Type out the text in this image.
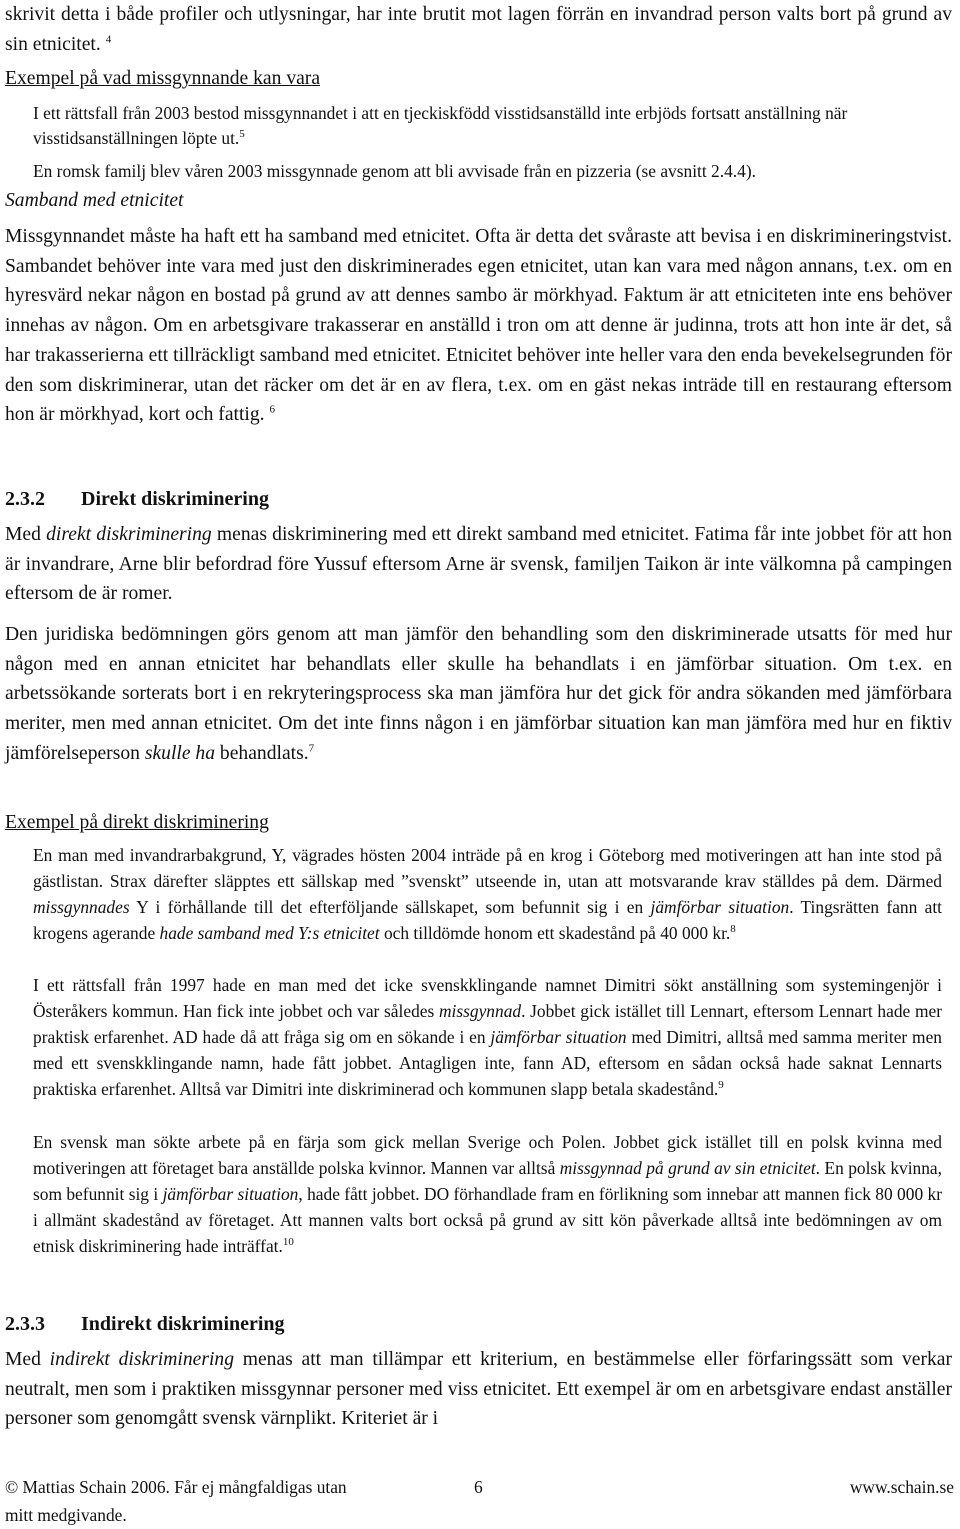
skrivit detta i både profiler och utlysningar, har inte brutit mot lagen förrän en invandrad person valts bort på grund av sin etnicitet. $^4$

Exempel på vad missgynnande kan vara

I ett rättsfall från 2003 bestod missgynnandet i att en tjeckiskfödd visstidsanställd inte erbjöds fortsatt anställning när visstidsanställningen löpte ut.$^5$

En romsk familj blev våren 2003 missgynnade genom att bli avvisade från en pizzeria (se avsnitt 2.4.4).

Samband med etnicitet

Missgynnandet måste ha haft ett ha samband med etnicitet. Ofta är detta det svåraste att bevisa i en diskrimineringstvist. Sambandet behöver inte vara med just den diskriminerades egen etnicitet, utan kan vara med någon annans, t.ex. om en hyresvärd nekar någon en bostad på grund av att dennes sambo är mörkhyad. Faktum är att etniciteten inte ens behöver innehas av någon. Om en arbetsgivare trakasserar en anställd i tron om att denne är judinna, trots att hon inte är det, så har trakasserierna ett tillräckligt samband med etnicitet. Etnicitet behöver inte heller vara den enda bevekelsegrunden för den som diskriminerar, utan det räcker om det är en av flera, t.ex. om en gäst nekas inträde till en restaurang eftersom hon är mörkhyad, kort och fattig. $^6$

2.3.2 Direkt diskriminering

Med direkt diskriminering menas diskriminering med ett direkt samband med etnicitet. Fatima får inte jobbet för att hon är invandrare, Arne blir befordrad före Yussuf eftersom Arne är svensk, familjen Taikon är inte välkomna på campingen eftersom de är romer.

Den juridiska bedömningen görs genom att man jämför den behandling som den diskriminerade utsatts för med hur någon med en annan etnicitet har behandlats eller skulle ha behandlats i en jämförbar situation. Om t.ex. en arbetssökande sorterats bort i en rekryteringsprocess ska man jämföra hur det gick för andra sökanden med jämförbara meriter, men med annan etnicitet. Om det inte finns någon i en jämförbar situation kan man jämföra med hur en fiktiv jämförelseperson skulle ha behandlats.$^7$

Exempel på direkt diskriminering

En man med invandrarbakgrund, Y, vägrades hösten 2004 inträde på en krog i Göteborg med motiveringen att han inte stod på gästlistan. Strax därefter släpptes ett sällskap med ”svenskt” utseende in, utan att motsvarande krav ställdes på dem. Därmed missgynnades Y i förhållande till det efterföljande sällskapet, som befunnit sig i en jämförbar situation. Tingsrätten fann att krogens agerande hade samband med Y:s etnicitet och tilldömde honom ett skadestånd på 40 000 kr.$^8$

I ett rättsfall från 1997 hade en man med det icke svenskklingande namnet Dimitri sökt anställning som systemingenjör i Österåkers kommun. Han fick inte jobbet och var således missgynnad. Jobbet gick istället till Lennart, eftersom Lennart hade mer praktisk erfarenhet. AD hade då att fråga sig om en sökande i en jämförbar situation med Dimitri, alltså med samma meriter men med ett svenskklingande namn, hade fått jobbet. Antagligen inte, fann AD, eftersom en sådan också hade saknat Lennarts praktiska erfarenhet. Alltså var Dimitri inte diskriminerad och kommunen slapp betala skadestånd.$^9$

En svensk man sökte arbete på en färja som gick mellan Sverige och Polen. Jobbet gick istället till en polsk kvinna med motiveringen att företaget bara anställde polska kvinnor. Mannen var alltså missgynnad på grund av sin etnicitet. En polsk kvinna, som befunnit sig i jämförbar situation, hade fått jobbet. DO förhandlade fram en förlikning som innebar att mannen fick 80 000 kr i allmänt skadestånd av företaget. Att mannen valts bort också på grund av sitt kön påverkade alltså inte bedömningen av om etnisk diskriminering hade inträffat.$^{10}$

2.3.3 Indirekt diskriminering

Med indirekt diskriminering menas att man tillämpar ett kriterium, en bestämmelse eller förfaringssätt som verkar neutralt, men som i praktiken missgynnar personer med viss etnicitet. Ett exempel är om en arbetsgivare endast anställer personer som genomgått svensk värnplikt. Kriteriet är i

© Mattias Schain 2006. Får ej mångfaldigas utan
mitt medgivande.
6	www.schain.se
